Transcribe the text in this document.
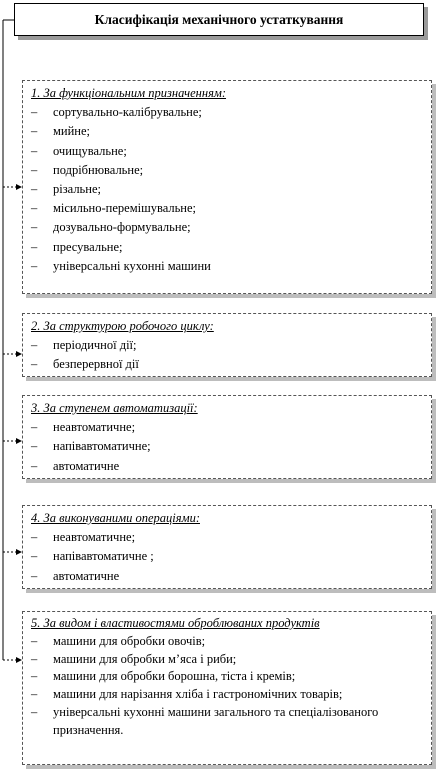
Класифікація механічного устаткування
1. За функціональним призначенням:
–	сортувально-калібрувальне;
–	мийне;
–	очищувальне;
–	подрібнювальне;
–	різальне;
–	місильно-перемішувальне;
–	дозувально-формувальне;
–	пресувальне;
–	універсальні кухонні машини
2. За структурою робочого циклу:
–	періодичної дії;
–	безперервної дії
3. За ступенем автоматизації:
–	неавтоматичне;
–	напівавтоматичне;
–	автоматичне
4. За виконуваними операціями:
–	неавтоматичне;
–	напівавтоматичне ;
–	автоматичне
5. За видом і властивостями оброблюваних продуктів
–	машини для обробки овочів;
–	машини для обробки м’яса і риби;
–	машини для обробки борошна, тіста і кремів;
–	машини для нарізання хліба і гастрономічних товарів;
–	універсальні кухонні машини загального та спеціалізованого призначення.
